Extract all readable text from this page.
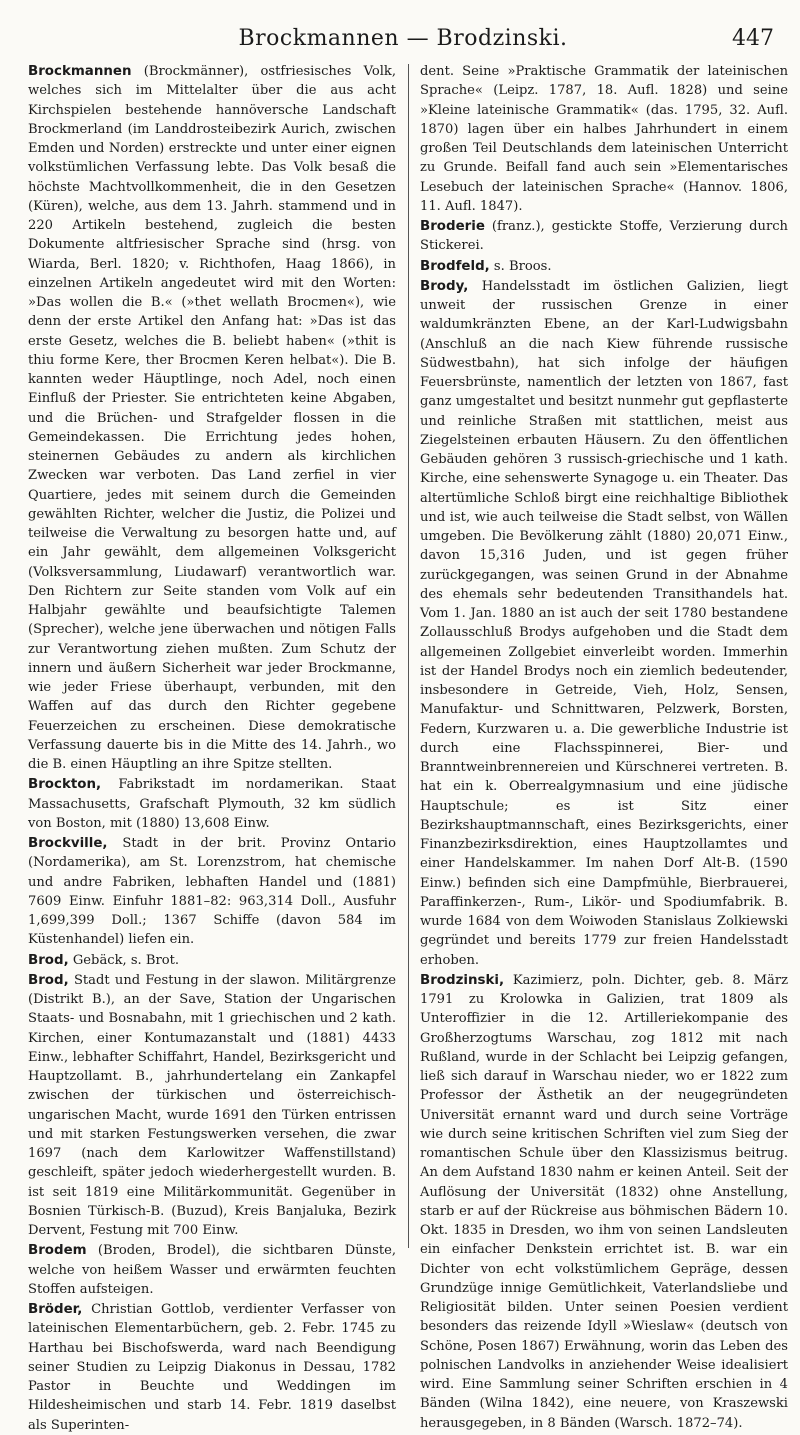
Brockmannen — Brodzinski.	447

Brockmannen (Brockmänner), ostfriesisches Volk, welches sich im Mittelalter über die aus acht Kirchspielen bestehende hannöversche Landschaft Brockmerland (im Landdrosteibezirk Aurich, zwischen Emden und Norden) erstreckte und unter einer eignen volkstümlichen Verfassung lebte. Das Volk besaß die höchste Machtvollkommenheit, die in den Gesetzen (Küren), welche, aus dem 13. Jahrh. stammend und in 220 Artikeln bestehend, zugleich die besten Dokumente altfriesischer Sprache sind (hrsg. von Wiarda, Berl. 1820; v. Richthofen, Haag 1866), in einzelnen Artikeln angedeutet wird mit den Worten: »Das wollen die B.« (»thet wellath Brocmen«), wie denn der erste Artikel den Anfang hat: »Das ist das erste Gesetz, welches die B. beliebt haben« (»thit is thiu forme Kere, ther Brocmen Keren helbat«). Die B. kannten weder Häuptlinge, noch Adel, noch einen Einfluß der Priester. Sie entrichteten keine Abgaben, und die Brüchen- und Strafgelder flossen in die Gemeindekassen. Die Errichtung jedes hohen, steinernen Gebäudes zu andern als kirchlichen Zwecken war verboten. Das Land zerfiel in vier Quartiere, jedes mit seinem durch die Gemeinden gewählten Richter, welcher die Justiz, die Polizei und teilweise die Verwaltung zu besorgen hatte und, auf ein Jahr gewählt, dem allgemeinen Volksgericht (Volksversammlung, Liudawarf) verantwortlich war. Den Richtern zur Seite standen vom Volk auf ein Halbjahr gewählte und beaufsichtigte Talemen (Sprecher), welche jene überwachen und nötigen Falls zur Verantwortung ziehen mußten. Zum Schutz der innern und äußern Sicherheit war jeder Brockmanne, wie jeder Friese überhaupt, verbunden, mit den Waffen auf das durch den Richter gegebene Feuerzeichen zu erscheinen. Diese demokratische Verfassung dauerte bis in die Mitte des 14. Jahrh., wo die B. einen Häuptling an ihre Spitze stellten.

Brockton, Fabrikstadt im nordamerikan. Staat Massachusetts, Grafschaft Plymouth, 32 km südlich von Boston, mit (1880) 13,608 Einw.

Brockville, Stadt in der brit. Provinz Ontario (Nordamerika), am St. Lorenzstrom, hat chemische und andre Fabriken, lebhaften Handel und (1881) 7609 Einw. Einfuhr 1881–82: 963,314 Doll., Ausfuhr 1,699,399 Doll.; 1367 Schiffe (davon 584 im Küstenhandel) liefen ein.

Brod, Gebäck, s. Brot.

Brod, Stadt und Festung in der slawon. Militärgrenze (Distrikt B.), an der Save, Station der Ungarischen Staats- und Bosnabahn, mit 1 griechischen und 2 kath. Kirchen, einer Kontumazanstalt und (1881) 4433 Einw., lebhafter Schiffahrt, Handel, Bezirksgericht und Hauptzollamt. B., jahrhundertelang ein Zankapfel zwischen der türkischen und österreichisch-ungarischen Macht, wurde 1691 den Türken entrissen und mit starken Festungswerken versehen, die zwar 1697 (nach dem Karlowitzer Waffenstillstand) geschleift, später jedoch wiederhergestellt wurden. B. ist seit 1819 eine Militärkommunität. Gegenüber in Bosnien Türkisch-B. (Buzud), Kreis Banjaluka, Bezirk Dervent, Festung mit 700 Einw.

Brodem (Broden, Brodel), die sichtbaren Dünste, welche von heißem Wasser und erwärmten feuchten Stoffen aufsteigen.

Bröder, Christian Gottlob, verdienter Verfasser von lateinischen Elementarbüchern, geb. 2. Febr. 1745 zu Harthau bei Bischofswerda, ward nach Beendigung seiner Studien zu Leipzig Diakonus in Dessau, 1782 Pastor in Beuchte und Weddingen im Hildesheimischen und starb 14. Febr. 1819 daselbst als Superinten-

dent. Seine »Praktische Grammatik der lateinischen Sprache« (Leipz. 1787, 18. Aufl. 1828) und seine »Kleine lateinische Grammatik« (das. 1795, 32. Aufl. 1870) lagen über ein halbes Jahrhundert in einem großen Teil Deutschlands dem lateinischen Unterricht zu Grunde. Beifall fand auch sein »Elementarisches Lesebuch der lateinischen Sprache« (Hannov. 1806, 11. Aufl. 1847).

Broderie (franz.), gestickte Stoffe, Verzierung durch Stickerei.

Brodfeld, s. Broos.

Brody, Handelsstadt im östlichen Galizien, liegt unweit der russischen Grenze in einer waldumkränzten Ebene, an der Karl-Ludwigsbahn (Anschluß an die nach Kiew führende russische Südwestbahn), hat sich infolge der häufigen Feuersbrünste, namentlich der letzten von 1867, fast ganz umgestaltet und besitzt nunmehr gut gepflasterte und reinliche Straßen mit stattlichen, meist aus Ziegelsteinen erbauten Häusern. Zu den öffentlichen Gebäuden gehören 3 russisch-griechische und 1 kath. Kirche, eine sehenswerte Synagoge u. ein Theater. Das altertümliche Schloß birgt eine reichhaltige Bibliothek und ist, wie auch teilweise die Stadt selbst, von Wällen umgeben. Die Bevölkerung zählt (1880) 20,071 Einw., davon 15,316 Juden, und ist gegen früher zurückgegangen, was seinen Grund in der Abnahme des ehemals sehr bedeutenden Transithandels hat. Vom 1. Jan. 1880 an ist auch der seit 1780 bestandene Zollausschluß Brodys aufgehoben und die Stadt dem allgemeinen Zollgebiet einverleibt worden. Immerhin ist der Handel Brodys noch ein ziemlich bedeutender, insbesondere in Getreide, Vieh, Holz, Sensen, Manufaktur- und Schnittwaren, Pelzwerk, Borsten, Federn, Kurzwaren u. a. Die gewerbliche Industrie ist durch eine Flachsspinnerei, Bier- und Branntweinbrennereien und Kürschnerei vertreten. B. hat ein k. Oberrealgymnasium und eine jüdische Hauptschule; es ist Sitz einer Bezirkshauptmannschaft, eines Bezirksgerichts, einer Finanzbezirksdirektion, eines Hauptzollamtes und einer Handelskammer. Im nahen Dorf Alt-B. (1590 Einw.) befinden sich eine Dampfmühle, Bierbrauerei, Paraffinkerzen-, Rum-, Likör- und Spodiumfabrik. B. wurde 1684 von dem Woiwoden Stanislaus Zolkiewski gegründet und bereits 1779 zur freien Handelsstadt erhoben.

Brodzinski, Kazimierz, poln. Dichter, geb. 8. März 1791 zu Krolowka in Galizien, trat 1809 als Unteroffizier in die 12. Artilleriekompanie des Großherzogtums Warschau, zog 1812 mit nach Rußland, wurde in der Schlacht bei Leipzig gefangen, ließ sich darauf in Warschau nieder, wo er 1822 zum Professor der Ästhetik an der neugegründeten Universität ernannt ward und durch seine Vorträge wie durch seine kritischen Schriften viel zum Sieg der romantischen Schule über den Klassizismus beitrug. An dem Aufstand 1830 nahm er keinen Anteil. Seit der Auflösung der Universität (1832) ohne Anstellung, starb er auf der Rückreise aus böhmischen Bädern 10. Okt. 1835 in Dresden, wo ihm von seinen Landsleuten ein einfacher Denkstein errichtet ist. B. war ein Dichter von echt volkstümlichem Gepräge, dessen Grundzüge innige Gemütlichkeit, Vaterlandsliebe und Religiosität bilden. Unter seinen Poesien verdient besonders das reizende Idyll »Wieslaw« (deutsch von Schöne, Posen 1867) Erwähnung, worin das Leben des polnischen Landvolks in anziehender Weise idealisiert wird. Eine Sammlung seiner Schriften erschien in 4 Bänden (Wilna 1842), eine neuere, von Kraszewski herausgegeben, in 8 Bänden (Warsch. 1872–74).
